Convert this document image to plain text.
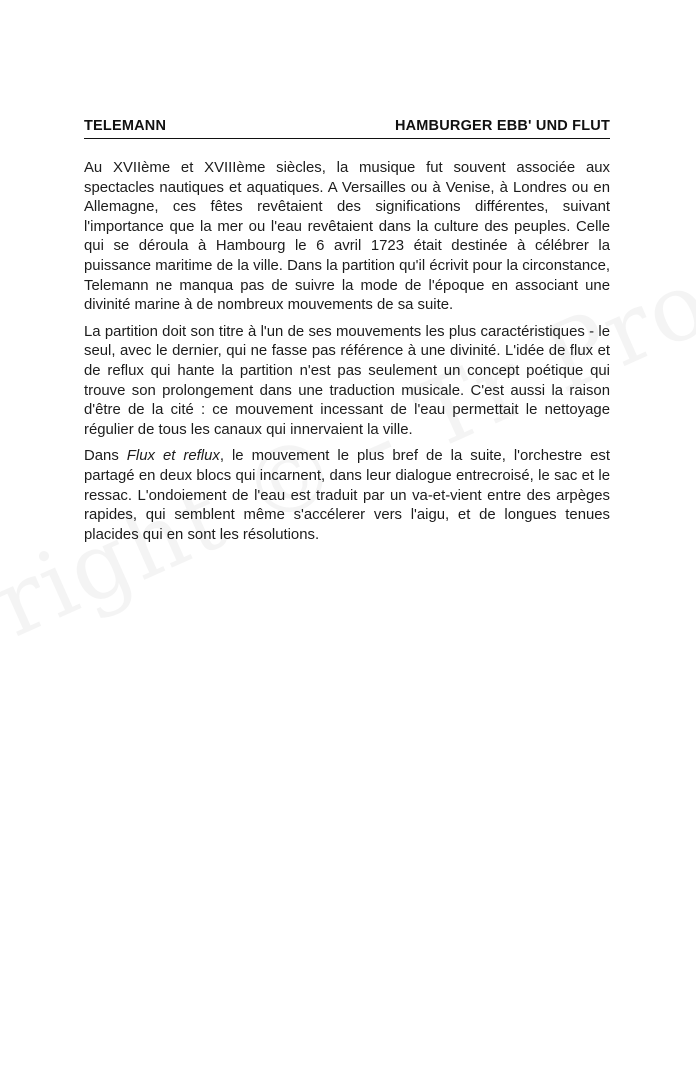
TELEMANN	HAMBURGER EBB' UND FLUT

Au XVIIème et XVIIIème siècles, la musique fut souvent associée aux spectacles nautiques et aquatiques. A Versailles ou à Venise, à Londres ou en Allemagne, ces fêtes revêtaient des significations différentes, suivant l'importance que la mer ou l'eau revêtaient dans la culture des peuples. Celle qui se déroula à Hambourg le 6 avril 1723 était destinée à célébrer la puissance maritime de la ville. Dans la partition qu'il écrivit pour la circonstance, Telemann ne manqua pas de suivre la mode de l'époque en associant une divinité marine à de nombreux mouvements de sa suite.

La partition doit son titre à l'un de ses mouvements les plus caractéristiques - le seul, avec le dernier, qui ne fasse pas référence à une divinité. L'idée de flux et de reflux qui hante la partition n'est pas seulement un concept poétique qui trouve son prolongement dans une traduction musicale. C'est aussi la raison d'être de la cité : ce mouvement incessant de l'eau permettait le nettoyage régulier de tous les canaux qui innervaient la ville.

Dans Flux et reflux, le mouvement le plus bref de la suite, l'orchestre est partagé en deux blocs qui incarnent, dans leur dialogue entrecroisé, le sac et le ressac. L'ondoiement de l'eau est traduit par un va-et-vient entre des arpèges rapides, qui semblent même s'accélerer vers l'aigu, et de longues tenues placides qui en sont les résolutions.
